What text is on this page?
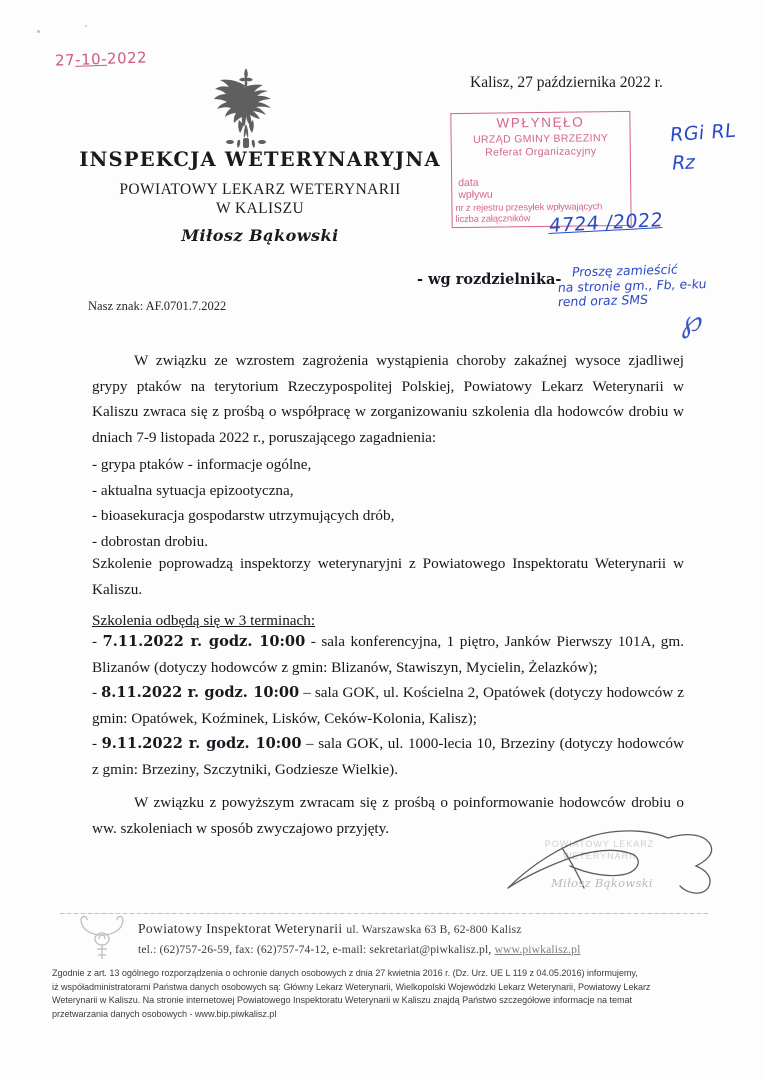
Kalisz, 27 października 2022 r.
INSPEKCJA WETERYNARYJNA
POWIATOWY LEKARZ WETERYNARII
W KALISZU
Miłosz Bąkowski
- wg rozdzielnika-
Nasz znak: AF.0701.7.2022
WPŁYNĘŁO
URZĄD GMINY BRZEZINY
Referat Organizacyjny
data
wpływu
nr z rejestru przesyłek wpływających
liczba załączników
27-10-2022
RGi RL
Rz
4724 /2022
Proszę zamieścić
na stronie gm., Fb, e-ku
rend oraz SMS
℘

W związku ze wzrostem zagrożenia wystąpienia choroby zakaźnej wysoce zjadliwej grypy ptaków na terytorium Rzeczypospolitej Polskiej, Powiatowy Lekarz Weterynarii w Kaliszu zwraca się z prośbą o współpracę w zorganizowaniu szkolenia dla hodowców drobiu w dniach 7-9 listopada 2022 r., poruszającego zagadnienia:

- grypa ptaków - informacje ogólne,

- aktualna sytuacja epizootyczna,

- bioasekuracja gospodarstw utrzymujących drób,

- dobrostan drobiu.

Szkolenie poprowadzą inspektorzy weterynaryjni z Powiatowego Inspektoratu Weterynarii w Kaliszu.

Szkolenia odbędą się w 3 terminach:

- 7.11.2022 r. godz. 10:00 - sala konferencyjna, 1 piętro, Janków Pierwszy 101A, gm. Blizanów (dotyczy hodowców z gmin: Blizanów, Stawiszyn, Mycielin, Żelazków);

- 8.11.2022 r. godz. 10:00 – sala GOK, ul. Kościelna 2, Opatówek (dotyczy hodowców z gmin: Opatówek, Koźminek, Lisków, Ceków-Kolonia, Kalisz);

- 9.11.2022 r. godz. 10:00 – sala GOK, ul. 1000-lecia 10, Brzeziny (dotyczy hodowców z gmin: Brzeziny, Szczytniki, Godziesze Wielkie).

W związku z powyższym zwracam się z prośbą o poinformowanie hodowców drobiu o ww. szkoleniach w sposób zwyczajowo przyjęty.

POWIATOWY LEKARZ WETERYNARII
Miłosz Bąkowski
Powiatowy Inspektorat Weterynarii ul. Warszawska 63 B, 62-800 Kalisz
tel.: (62)757-26-59, fax: (62)757-74-12, e-mail: sekretariat@piwkalisz.pl, www.piwkalisz.pl

Zgodnie z art. 13 ogólnego rozporządzenia o ochronie danych osobowych z dnia 27 kwietnia 2016 r. (Dz. Urz. UE L 119 z 04.05.2016) informujemy,

iż współadministratorami Państwa danych osobowych są: Główny Lekarz Weterynarii, Wielkopolski Wojewódzki Lekarz Weterynarii, Powiatowy Lekarz

Weterynarii w Kaliszu. Na stronie internetowej Powiatowego Inspektoratu Weterynarii w Kaliszu znajdą Państwo szczegółowe informacje na temat

przetwarzania danych osobowych - www.bip.piwkalisz.pl
